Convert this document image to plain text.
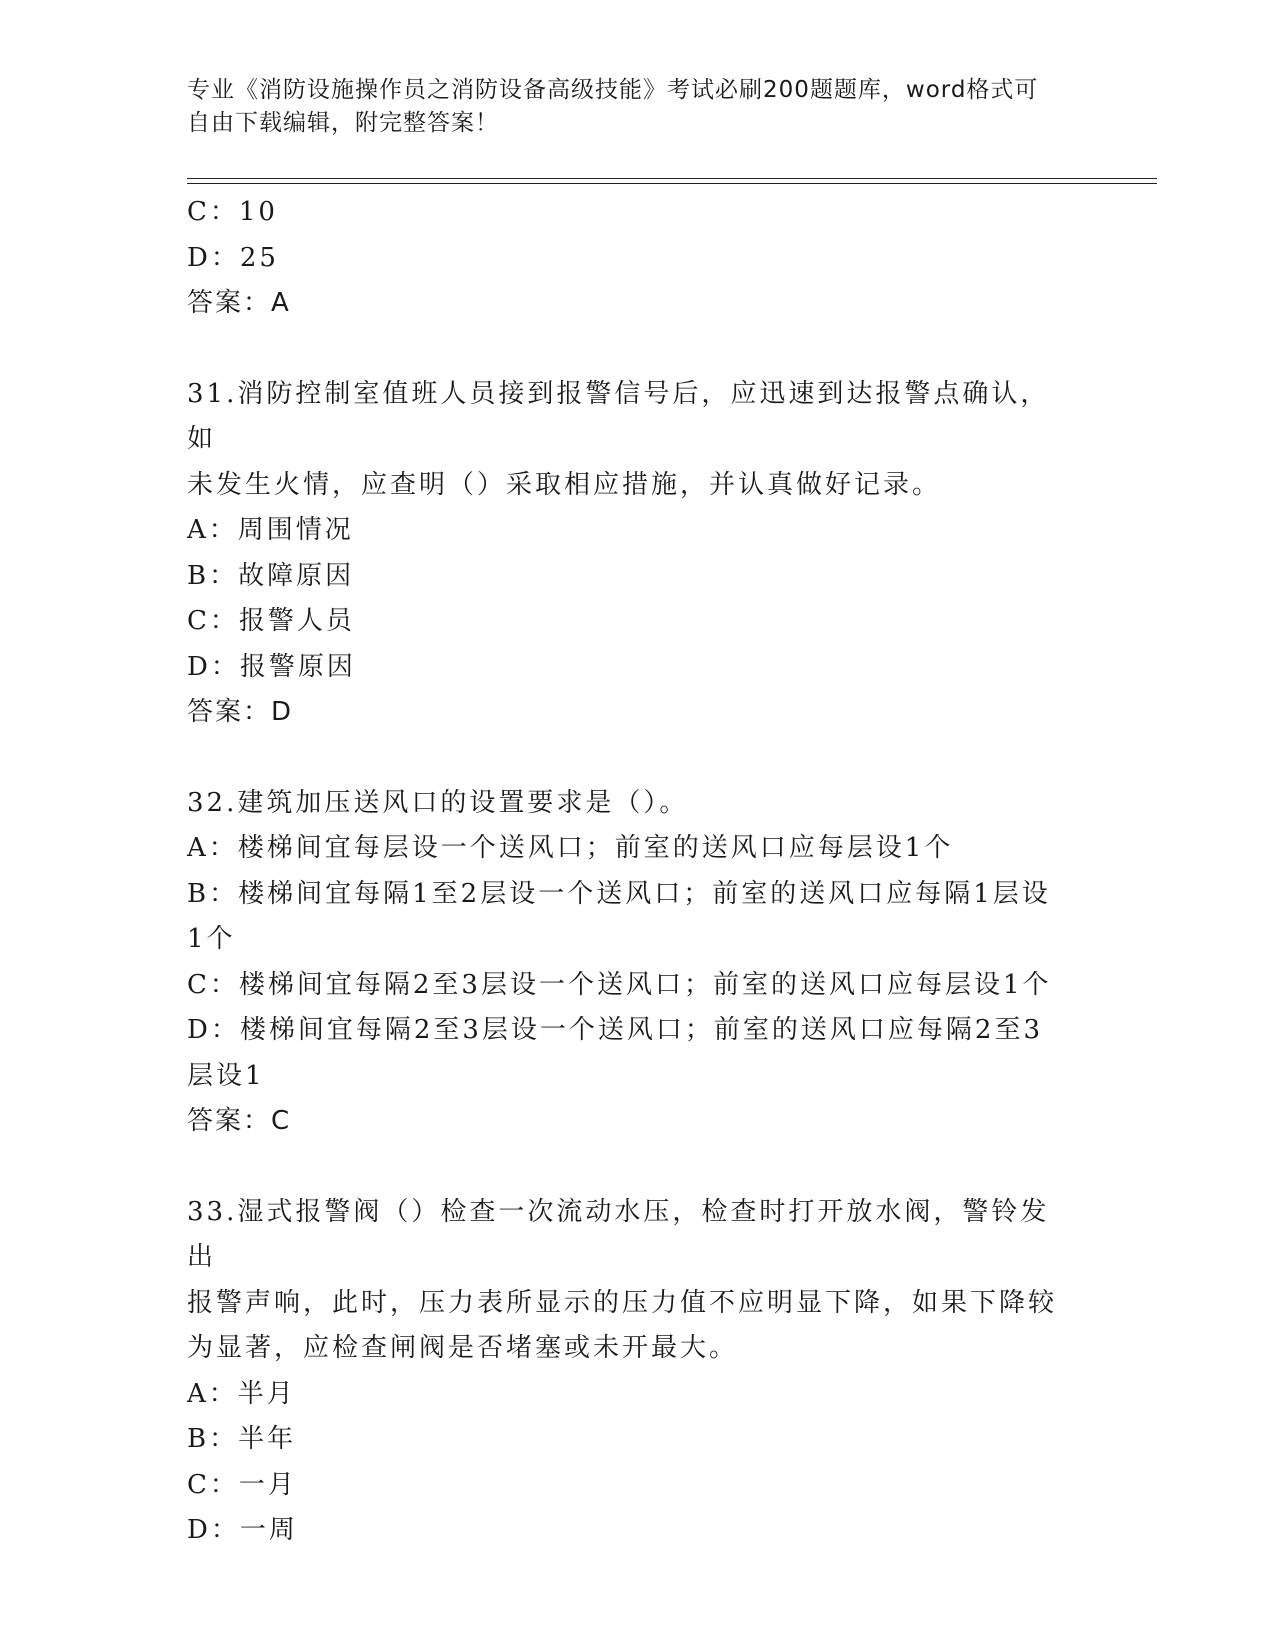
专业《消防设施操作员之消防设备高级技能》考试必刷200题题库，word格式可
自由下载编辑，附完整答案！
C：10
D：25
答案：A
31.消防控制室值班人员接到报警信号后，应迅速到达报警点确认，如
未发生火情，应查明（）采取相应措施，并认真做好记录。
A：周围情况
B：故障原因
C：报警人员
D：报警原因
答案：D
32.建筑加压送风口的设置要求是（）。
A：楼梯间宜每层设一个送风口；前室的送风口应每层设1个
B：楼梯间宜每隔1至2层设一个送风口；前室的送风口应每隔1层设
1个
C：楼梯间宜每隔2至3层设一个送风口；前室的送风口应每层设1个
D：楼梯间宜每隔2至3层设一个送风口；前室的送风口应每隔2至3
层设1
答案：C
33.湿式报警阀（）检查一次流动水压，检查时打开放水阀，警铃发出
报警声响，此时，压力表所显示的压力值不应明显下降，如果下降较
为显著，应检查闸阀是否堵塞或未开最大。
A：半月
B：半年
C：一月
D：一周
